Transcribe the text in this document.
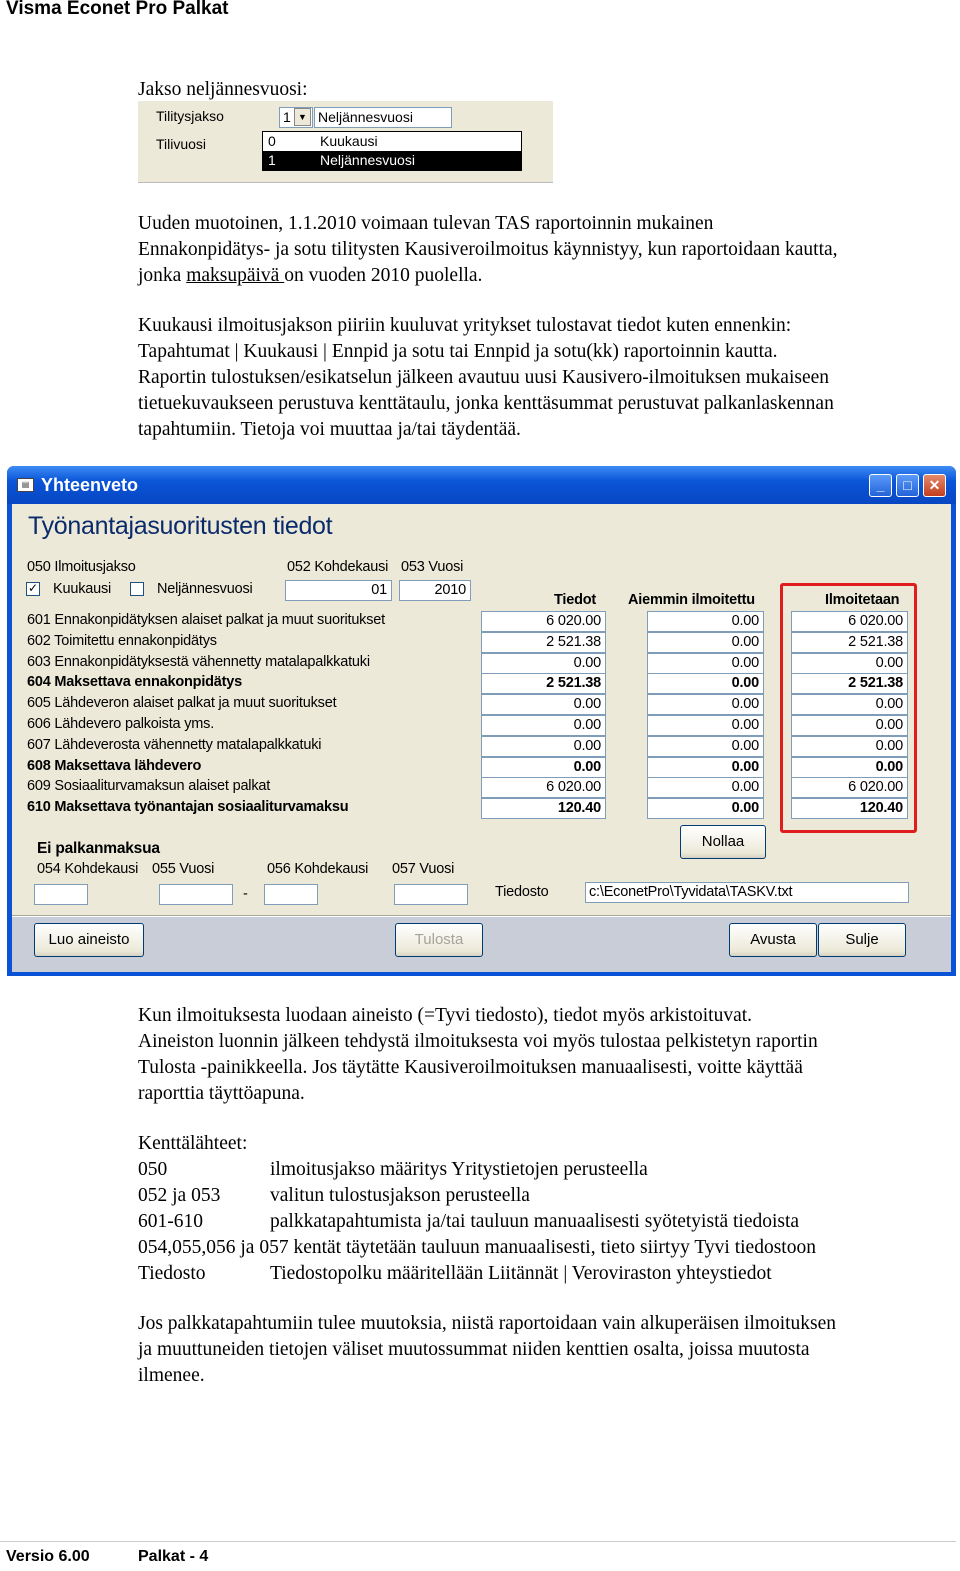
Visma Econet Pro Palkat
Jakso neljännesvuosi:
Tilitysjakso
Tilivuosi
1 ▼ Neljännesvuosi
0	Kuukausi
1	Neljännesvuosi
Uuden muotoinen, 1.1.2010 voimaan tulevan TAS raportoinnin mukainen
Ennakonpidätys- ja sotu tilitysten Kausiveroilmoitus käynnistyy, kun raportoidaan kautta,
jonka maksupäivä on vuoden 2010 puolella.
Kuukausi ilmoitusjakson piiriin kuuluvat yritykset tulostavat tiedot kuten ennenkin:
Tapahtumat | Kuukausi | Ennpid ja sotu tai Ennpid ja sotu(kk) raportoinnin kautta.
Raportin tulostuksen/esikatselun jälkeen avautuu uusi Kausivero-ilmoituksen mukaiseen
tietuekuvaukseen perustuva kenttätaulu, jonka kenttäsummat perustuvat palkanlaskennan
tapahtumiin. Tietoja voi muuttaa ja/tai täydentää.
▤ Yhteenveto	_	□	✕
Työnantajasuoritusten tiedot
050 Ilmoitusjakso
✓ Kuukausi	Neljännesvuosi
052 Kohdekausi 053 Vuosi
01	2010
Tiedot Aiemmin ilmoitettu	Ilmoitetaan
601 Ennakonpidätyksen alaiset palkat ja muut suoritukset	6 020.00	0.00	6 020.00
602 Toimitettu ennakonpidätys	2 521.38	0.00	2 521.38
603 Ennakonpidätyksestä vähennetty matalapalkkatuki	0.00	0.00	0.00
604 Maksettava ennakonpidätys	2 521.38	0.00	2 521.38
605 Lähdeveron alaiset palkat ja muut suoritukset	0.00	0.00	0.00
606 Lähdevero palkoista yms.	0.00	0.00	0.00
607 Lähdeverosta vähennetty matalapalkkatuki	0.00	0.00	0.00
608 Maksettava lähdevero	0.00	0.00	0.00
609 Sosiaaliturvamaksun alaiset palkat	6 020.00	0.00	6 020.00
610 Maksettava työnantajan sosiaaliturvamaksu	120.40	0.00	120.40
Nollaa
Ei palkanmaksua
054 Kohdekausi 055 Vuosi	056 Kohdekausi 057 Vuosi
-	Tiedosto	c:\EconetPro\Tyvidata\TASKV.txt
Luo aineisto	Tulosta	Avusta	Sulje
Kun ilmoituksesta luodaan aineisto (=Tyvi tiedosto), tiedot myös arkistoituvat.
Aineiston luonnin jälkeen tehdystä ilmoituksesta voi myös tulostaa pelkistetyn raportin
Tulosta -painikkeella. Jos täytätte Kausiveroilmoituksen manuaalisesti, voitte käyttää
raporttia täyttöapuna.
Kenttälähteet:
050	ilmoitusjakso määritys Yritystietojen perusteella
052 ja 053	valitun tulostusjakson perusteella
601-610	palkkatapahtumista ja/tai tauluun manuaalisesti syötetyistä tiedoista
054,055,056 ja 057 kentät täytetään tauluun manuaalisesti, tieto siirtyy Tyvi tiedostoon
Tiedosto	Tiedostopolku määritellään Liitännät | Veroviraston yhteystiedot
Jos palkkatapahtumiin tulee muutoksia, niistä raportoidaan vain alkuperäisen ilmoituksen
ja muuttuneiden tietojen väliset muutossummat niiden kenttien osalta, joissa muutosta
ilmenee.
Versio 6.00	Palkat - 4
